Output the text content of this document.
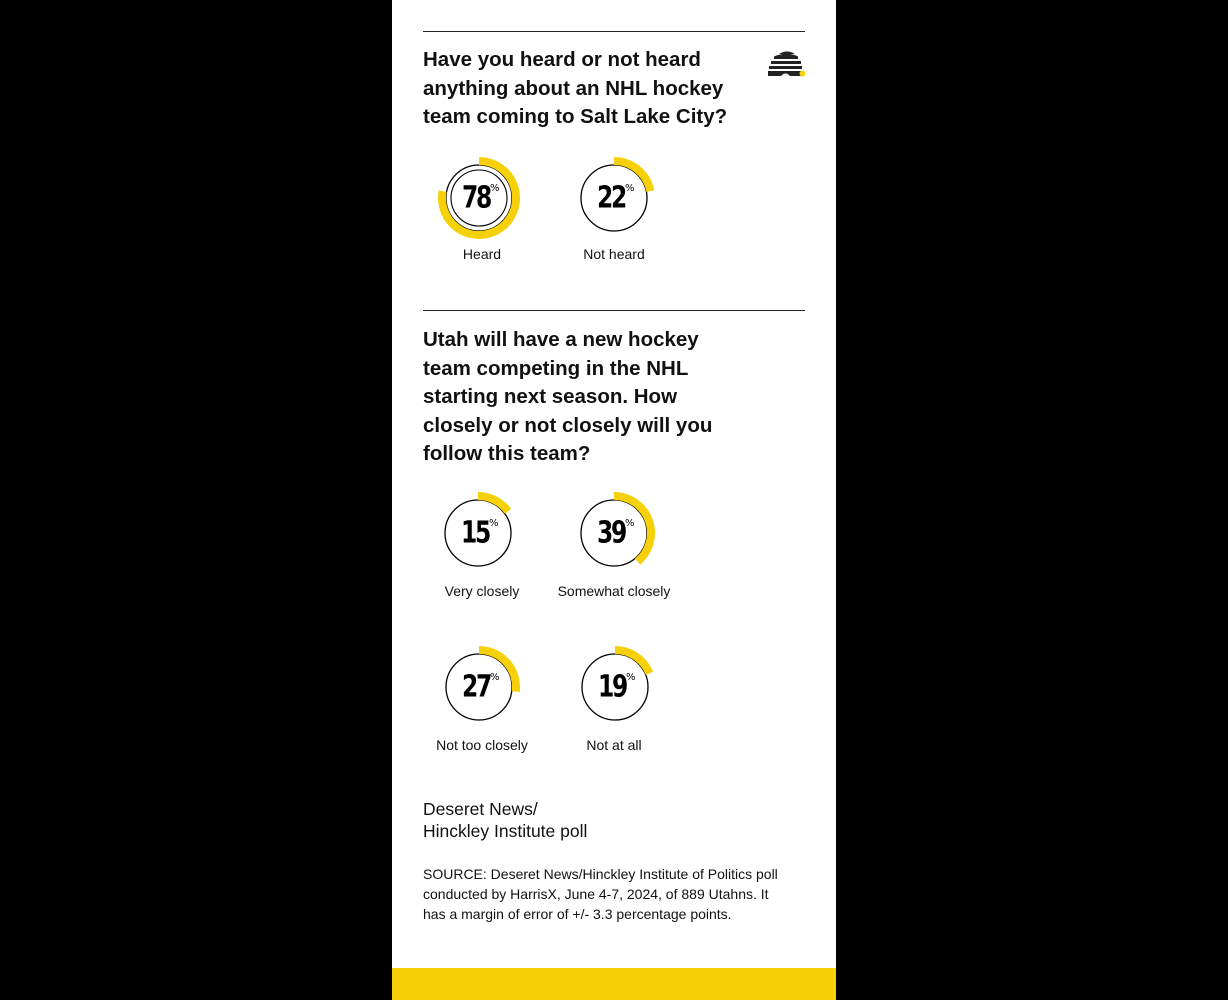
Have you heard or not heard
anything about an NHL hockey
team coming to Salt Lake City?

78 %
Heard
22 %
Not heard

Utah will have a new hockey
team competing in the NHL
starting next season. How
closely or not closely will you
follow this team?

15 %
Very closely
39 %
Somewhat closely
27 %
Not too closely
19 %
Not at all
Deseret News/
Hinckley Institute poll
SOURCE: Deseret News/Hinckley Institute of Politics poll conducted by HarrisX, June 4-7, 2024, of 889 Utahns. It has a margin of error of +/- 3.3 percentage points.
